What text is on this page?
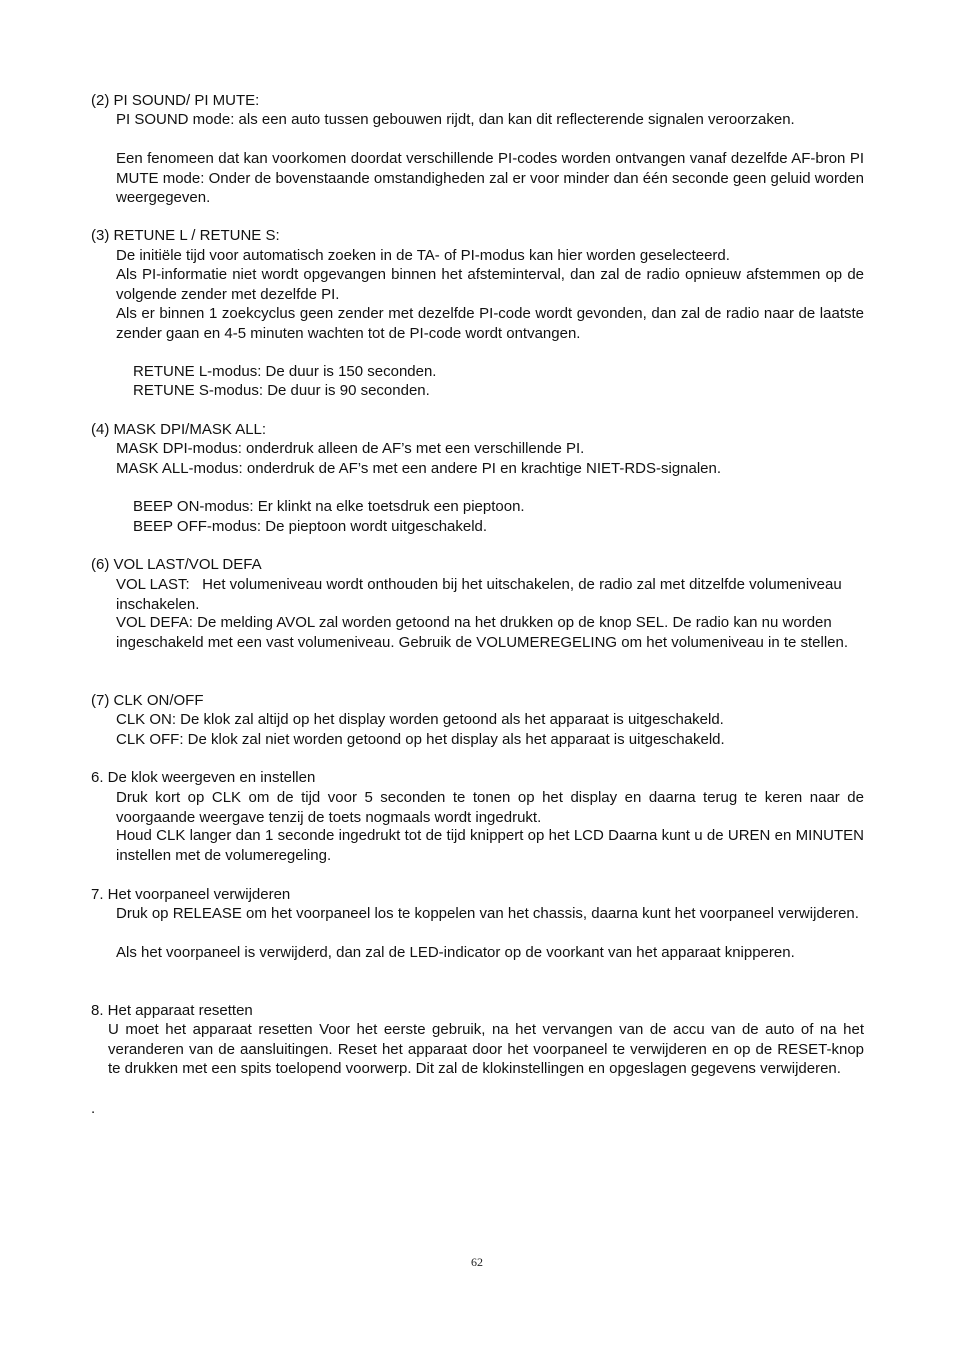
(2) PI SOUND/ PI MUTE:
PI SOUND mode: als een auto tussen gebouwen rijdt, dan kan dit reflecterende signalen veroorzaken.
Een fenomeen dat kan voorkomen doordat verschillende PI-codes worden ontvangen vanaf dezelfde AF-bron PI MUTE mode: Onder de bovenstaande omstandigheden zal er voor minder dan één seconde geen geluid worden weergegeven.
(3) RETUNE L / RETUNE S:
De initiële tijd voor automatisch zoeken in de TA- of PI-modus kan hier worden geselecteerd.
Als PI-informatie niet wordt opgevangen binnen het afsteminterval, dan zal de radio opnieuw afstemmen op de volgende zender met dezelfde PI.
Als er binnen 1 zoekcyclus geen zender met dezelfde PI-code wordt gevonden, dan zal de radio naar de laatste zender gaan en 4-5 minuten wachten tot de PI-code wordt ontvangen.
RETUNE L-modus: De duur is 150 seconden.
RETUNE S-modus: De duur is 90 seconden.
(4) MASK DPI/MASK ALL:
MASK DPI-modus: onderdruk alleen de AF’s met een verschillende PI.
MASK ALL-modus: onderdruk de AF’s met een andere PI en krachtige NIET-RDS-signalen.
BEEP ON-modus: Er klinkt na elke toetsdruk een pieptoon.
BEEP OFF-modus: De pieptoon wordt uitgeschakeld.
(6) VOL LAST/VOL DEFA
VOL LAST:   Het volumeniveau wordt onthouden bij het uitschakelen, de radio zal met ditzelfde volumeniveau inschakelen.
VOL DEFA: De melding AVOL zal worden getoond na het drukken op de knop SEL. De radio kan nu worden ingeschakeld met een vast volumeniveau. Gebruik de VOLUMEREGELING om het volumeniveau in te stellen.
(7) CLK ON/OFF
CLK ON: De klok zal altijd op het display worden getoond als het apparaat is uitgeschakeld.
CLK OFF: De klok zal niet worden getoond op het display als het apparaat is uitgeschakeld.
6. De klok weergeven en instellen
Druk kort op CLK om de tijd voor 5 seconden te tonen op het display en daarna terug te keren naar de voorgaande weergave tenzij de toets nogmaals wordt ingedrukt.
Houd CLK langer dan 1 seconde ingedrukt tot de tijd knippert op het LCD Daarna kunt u de UREN en MINUTEN instellen met de volumeregeling.
7. Het voorpaneel verwijderen
Druk op RELEASE om het voorpaneel los te koppelen van het chassis, daarna kunt het voorpaneel verwijderen.
Als het voorpaneel is verwijderd, dan zal de LED-indicator op de voorkant van het apparaat knipperen.
8. Het apparaat resetten
U moet het apparaat resetten Voor het eerste gebruik, na het vervangen van de accu van de auto of na het veranderen van de aansluitingen. Reset het apparaat door het voorpaneel te verwijderen en op de RESET-knop te drukken met een spits toelopend voorwerp. Dit zal de klokinstellingen en opgeslagen gegevens verwijderen.
.
62
